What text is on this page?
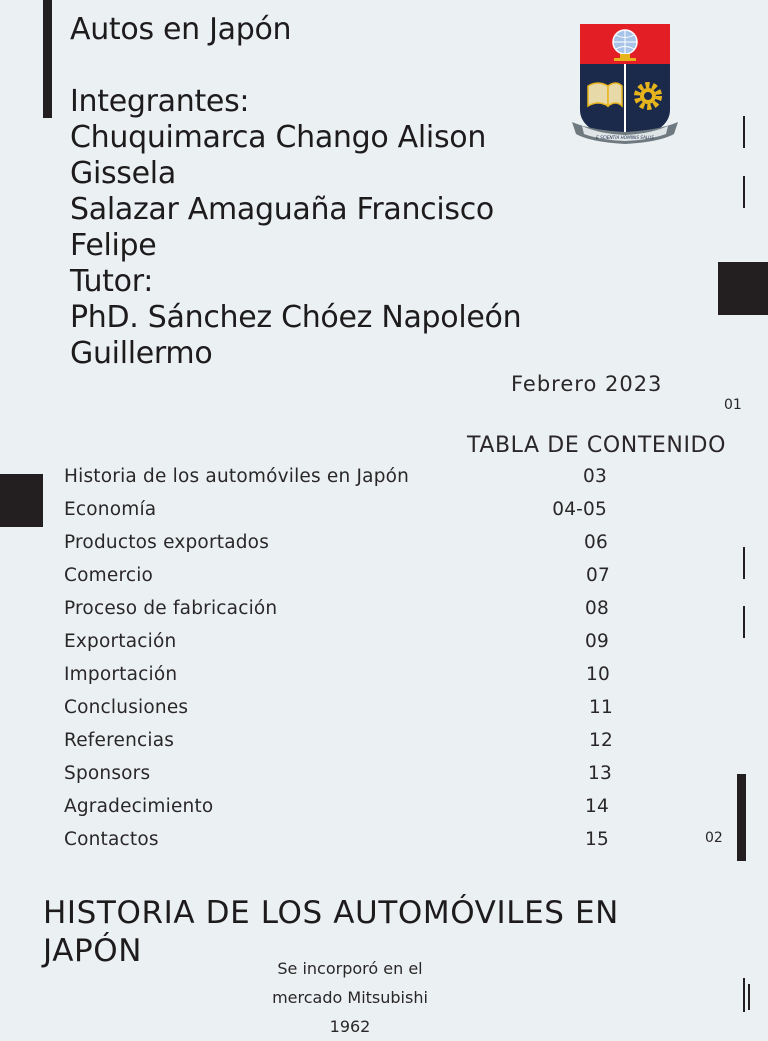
Autos en Japón
Integrantes:
Chuquimarca Chango Alison
Gissela
Salazar Amaguaña Francisco
Felipe
Tutor:
PhD. Sánchez Chóez Napoleón
Guillermo
E SCIENTIA HOMINIS SALUS
Febrero 2023
01
TABLA DE CONTENIDO
Historia de los automóviles en Japón	03
Economía	04-05
Productos exportados	06
Comercio	07
Proceso de fabricación	08
Exportación	09
Importación	10
Conclusiones	11
Referencias	12
Sponsors	13
Agradecimiento	14
Contactos	15	02
HISTORIA DE LOS AUTOMÓVILES EN
JAPÓN	Se incorporó en el
mercado Mitsubishi
1962
